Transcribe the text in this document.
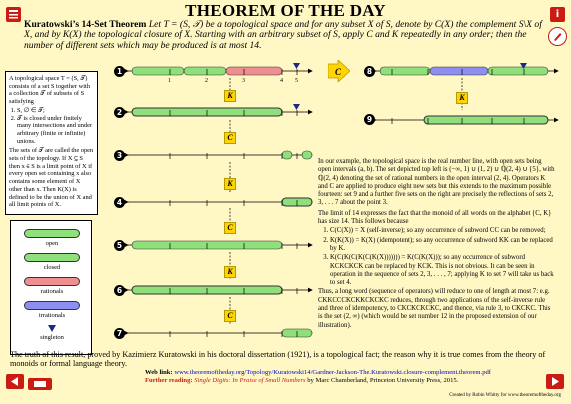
i
THEOREM OF THE DAY
Kuratowski’s 14-Set Theorem Let T = (S, 𝒯) be a topological space and for any subset X of S, denote by C(X) the complement S\X of X, and by K(X) the topological closure of X. Starting with an arbitrary subset of S, apply C and K repeatedly in any order; then the number of different sets which may be produced is at most 14.
A topological space T = (S, 𝒯) consists of a set S together with a collection 𝒯 of subsets of S satisfying
1. S, ∅ ∈ 𝒯;
2. 𝒯 is closed under finitely many intersections and under arbitrary (finite or infinite) unions.
The sets of 𝒯 are called the open sets of the topology. If X ⊆ S then x ∈ S is a limit point of X if every open set containing x also contains some element of X other than x. Then K(X) is defined to be the union of X and all limit points of X.
open
closed
rationals
irrationals
singleton
1	2	3	4 5
1
2
3
4
5
6
7
K
C
K
C
K
C
C	8
9
K
In our example, the topological space is the real number line, with open sets being open intervals (a, b). The set depicted top left is (−∞, 1) ∪ (1, 2) ∪ ℚ(2, 4) ∪ {5}, with ℚ(2, 4) denoting the set of rational numbers in the open interval (2, 4). Operators K and C are applied to produce eight new sets but this extends to the maximum possible fourteen: set 9 and a further five sets on the right are precisely the reflections of sets 2, 3, . . . 7 about the point 3.
The limit of 14 expresses the fact that the monoid of all words on the alphabet {C, K} has size 14. This follows because
1. C(C(X)) = X (self-inverse); so any occurrence of subword CC can be removed;
2. K(K(X)) = K(X) (idempotent); so any occurrence of subword KK can be replaced by K.
3. K(C(K(C(K(C(K(X))))))) = K(C(K(X))); so any occurrence of subword KCKCKCK can be replaced by KCK. This is not obvious. It can be seen in operation in the sequence of sets 2, 3, . . . , 7; applying K to set 7 will take us back to set 4.
Thus, a long word (sequence of operators) will reduce to one of length at most 7: e.g. CKKCCCKCKKCKCKC reduces, through two applications of the self-inverse rule and three of idempotency, to CKCKCKCKC, and thence, via rule 3, to CKCKC. This is the set (2, ∞) (which would be set number 12 in the proposed extension of our illustration).
The truth of this result, proved by Kazimierz Kuratowski in his doctoral dissertation (1921), is a topological fact; the reason why it is true comes from the theory of monoids or formal language theory.
Web link: www.theoremoftheday.org/Topology/Kuratowski14/Gardner-Jackson-The.Kuratowski.closure-complement.theorem.pdf
Further reading: Single Digits: In Praise of Small Numbers by Marc Chamberland, Princeton University Press, 2015.
Created by Robin Whitty for www.theoremoftheday.org
